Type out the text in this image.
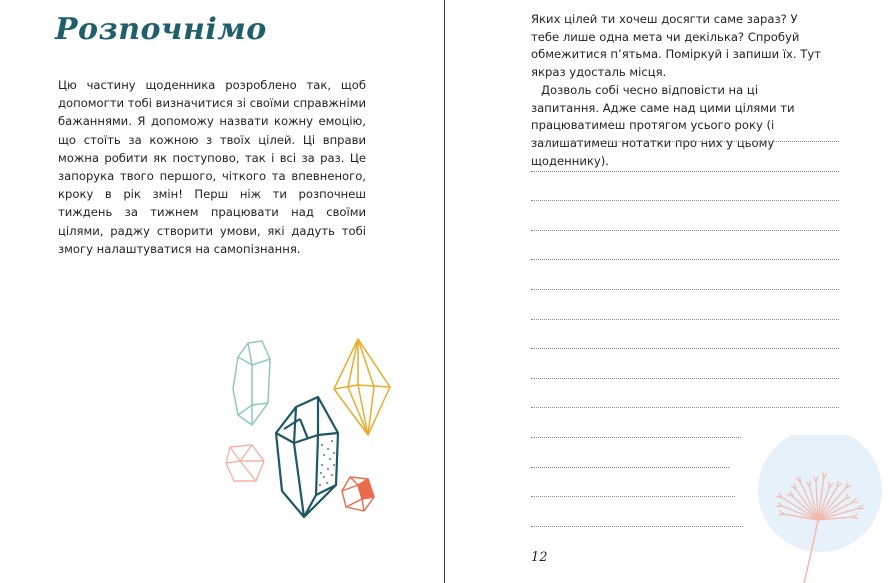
Розпочнімо

Цю частину щоденника розроблено так, щоб допомогти тобі визначитися зі своїми справжніми бажаннями. Я допоможу назвати кожну емоцію, що стоїть за кожною з твоїх цілей. Ці вправи можна робити як поступово, так і всі за раз. Це запорука твого першого, чіткого та впевненого, кроку в рік змін! Перш ніж ти розпочнеш тиждень за тижнем працювати над своїми цілями, раджу створити умови, які дадуть тобі змогу налаштуватися на самопізнання.

Яких цілей ти хочеш досягти саме зараз? У тебе лише одна мета чи декілька? Спробуй обмежитися п’ятьма. Поміркуй і запиши їх. Тут якраз удосталь місця.
Дозволь собі чесно відповісти на ці запитання. Адже саме над цими цілями ти працюватимеш протягом усього року (і залишатимеш нотатки про них у цьому щоденнику).

12
